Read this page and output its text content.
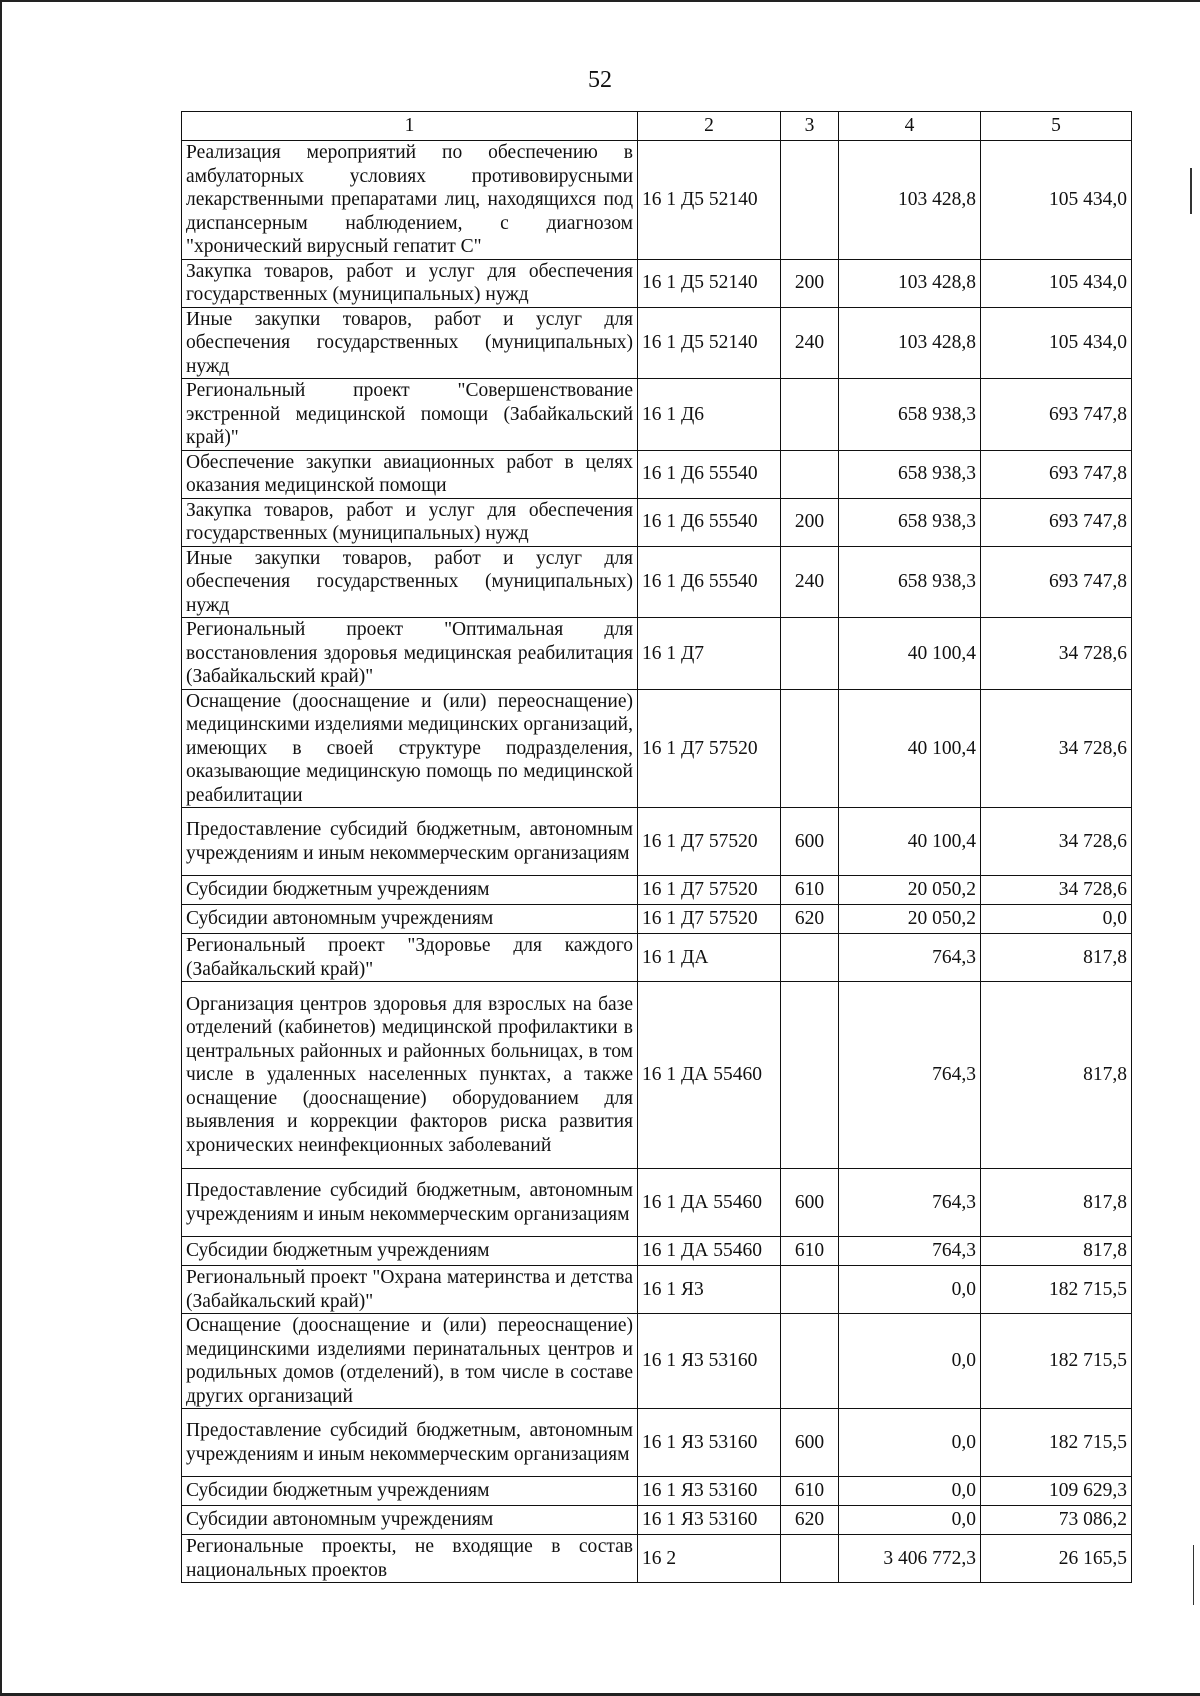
52
1	2	3	4	5
Реализация мероприятий по обеспечению в амбулаторных условиях противовирусными лекарственными препаратами лиц, находящихся под диспансерным наблюдением, с диагнозом "хронический вирусный гепатит С"	16 1 Д5 52140		103 428,8	105 434,0
Закупка товаров, работ и услуг для обеспечения государственных (муниципальных) нужд	16 1 Д5 52140	200	103 428,8	105 434,0
Иные закупки товаров, работ и услуг для обеспечения государственных (муниципальных) нужд	16 1 Д5 52140	240	103 428,8	105 434,0
Региональный проект "Совершенствование экстренной медицинской помощи (Забайкальский край)"	16 1 Д6		658 938,3	693 747,8
Обеспечение закупки авиационных работ в целях оказания медицинской помощи	16 1 Д6 55540		658 938,3	693 747,8
Закупка товаров, работ и услуг для обеспечения государственных (муниципальных) нужд	16 1 Д6 55540	200	658 938,3	693 747,8
Иные закупки товаров, работ и услуг для обеспечения государственных (муниципальных) нужд	16 1 Д6 55540	240	658 938,3	693 747,8
Региональный проект "Оптимальная для восстановления здоровья медицинская реабилитация (Забайкальский край)"	16 1 Д7		40 100,4	34 728,6
Оснащение (дооснащение и (или) переоснащение) медицинскими изделиями медицинских организаций, имеющих в своей структуре подразделения, оказывающие медицинскую помощь по медицинской реабилитации	16 1 Д7 57520		40 100,4	34 728,6
Предоставление субсидий бюджетным, автономным учреждениям и иным некоммерческим организациям	16 1 Д7 57520	600	40 100,4	34 728,6
Субсидии бюджетным учреждениям	16 1 Д7 57520	610	20 050,2	34 728,6
Субсидии автономным учреждениям	16 1 Д7 57520	620	20 050,2	0,0
Региональный проект "Здоровье для каждого (Забайкальский край)"	16 1 ДА		764,3	817,8
Организация центров здоровья для взрослых на базе отделений (кабинетов) медицинской профилактики в центральных районных и районных больницах, в том числе в удаленных населенных пунктах, а также оснащение (дооснащение) оборудованием для выявления и коррекции факторов риска развития хронических неинфекционных заболеваний	16 1 ДА 55460		764,3	817,8
Предоставление субсидий бюджетным, автономным учреждениям и иным некоммерческим организациям	16 1 ДА 55460	600	764,3	817,8
Субсидии бюджетным учреждениям	16 1 ДА 55460	610	764,3	817,8
Региональный проект "Охрана материнства и детства (Забайкальский край)"	16 1 Я3		0,0	182 715,5
Оснащение (дооснащение и (или) переоснащение) медицинскими изделиями перинатальных центров и родильных домов (отделений), в том числе в составе других организаций	16 1 Я3 53160		0,0	182 715,5
Предоставление субсидий бюджетным, автономным учреждениям и иным некоммерческим организациям	16 1 Я3 53160	600	0,0	182 715,5
Субсидии бюджетным учреждениям	16 1 Я3 53160	610	0,0	109 629,3
Субсидии автономным учреждениям	16 1 Я3 53160	620	0,0	73 086,2
Региональные проекты, не входящие в состав национальных проектов	16 2		3 406 772,3	26 165,5
